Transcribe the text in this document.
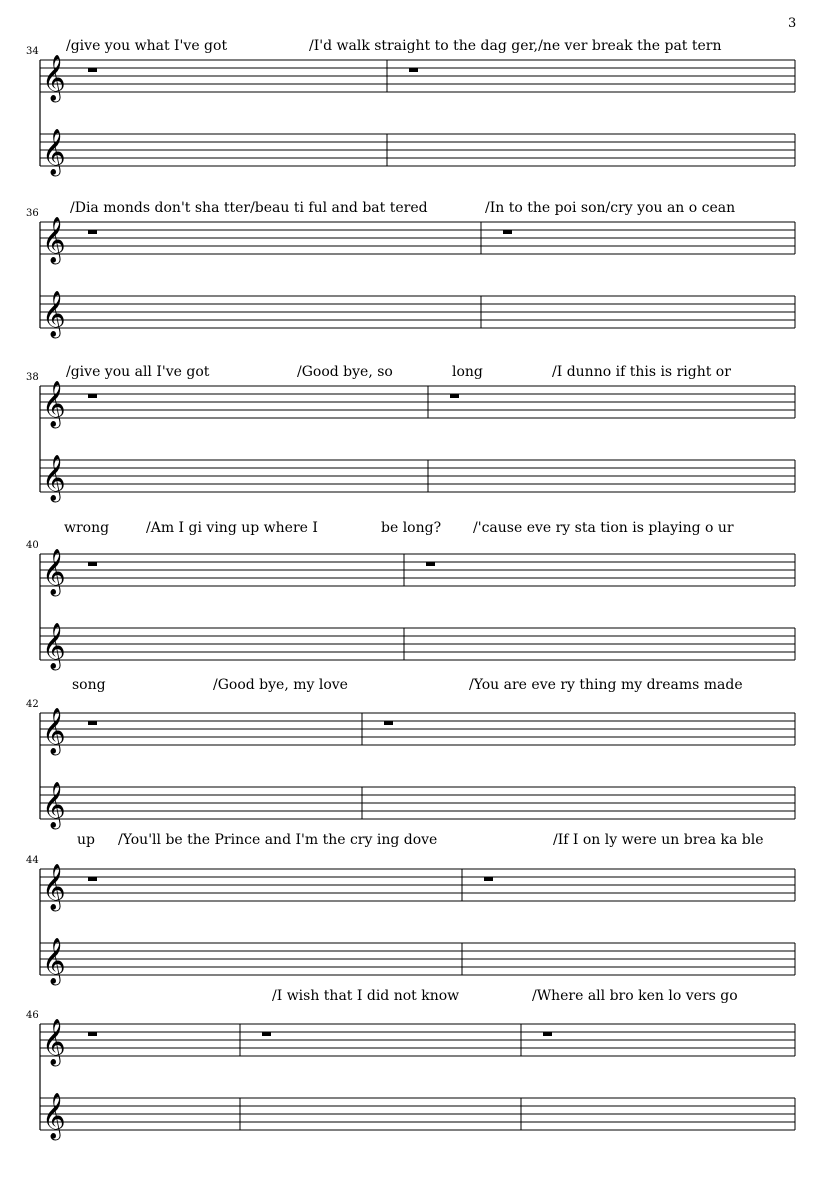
3
34 /give you what I've got	/I'd walk straight to the dag ger,/ne ver break the pat tern
𝄞
𝄞
36 /Dia monds don't sha tter/beau ti ful and bat tered	/In to the poi son/cry you an o cean
𝄞
𝄞
38 /give you all I've got	/Good bye, so	long	/I dunno if this is right or
𝄞
𝄞
40
wrong	/Am I gi ving up where I	be long? /'cause eve ry sta tion is playing o ur
𝄞
𝄞
42
song	/Good bye, my love	/You are eve ry thing my dreams made
𝄞
𝄞
44
up /You'll be the Prince and I'm the cry ing dove	/If I on ly were un brea ka ble
𝄞
𝄞
46
/I wish that I did not know	/Where all bro ken lo vers go
𝄞
𝄞
